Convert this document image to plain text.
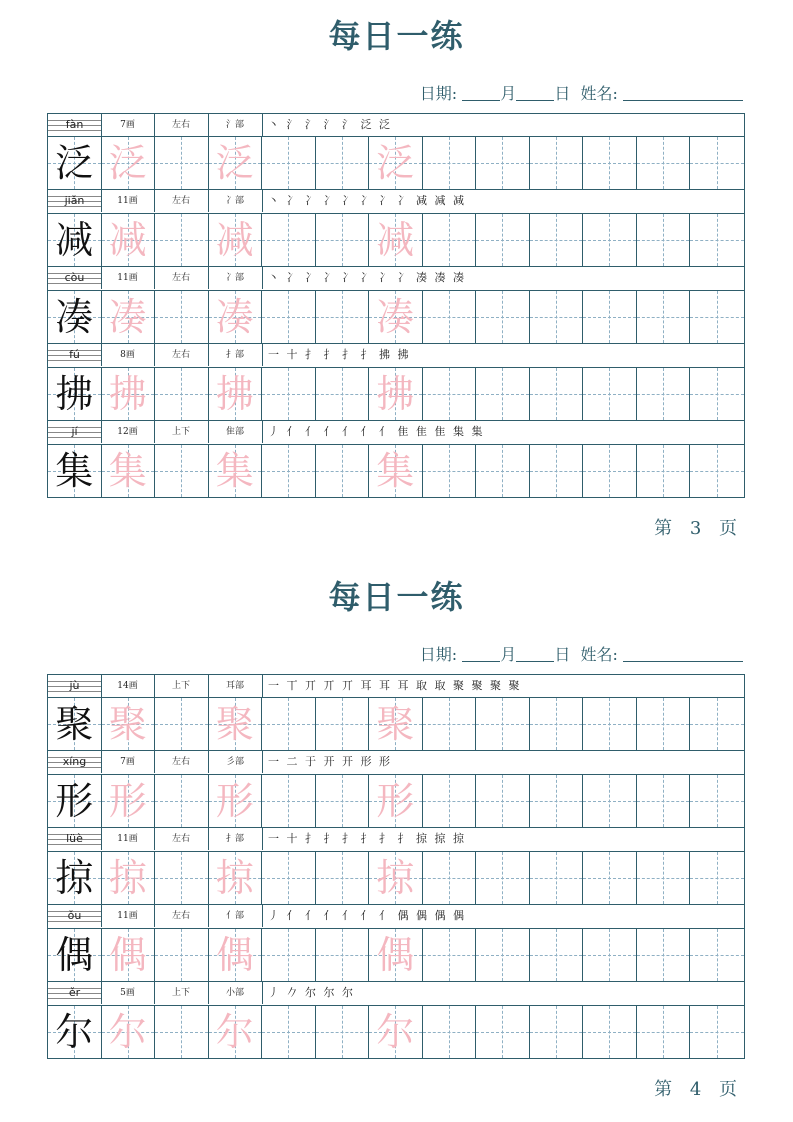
每日一练
日期:	月 日 姓名:
fàn	7画	左右	氵部	丶 氵 氵 氵 氵 泛 泛
泛 泛 泛	泛
jiǎn	11画	左右	冫部	丶 冫 冫 冫 冫 冫 冫 冫 减 减 减
减 减 减	减
còu	11画	左右	冫部	丶 冫 冫 冫 冫 冫 冫 冫 凑 凑 凑
凑 凑 凑	凑
fú	8画	左右	扌部	一 十 扌 扌 扌 扌 拂 拂
拂 拂 拂	拂
jí	12画	上下	隹部	丿 亻 亻 亻 亻 亻 亻 隹 隹 隹 集 集
集 集 集	集
第 3 页
每日一练
日期:	月 日 姓名:
jù	14画	上下	耳部	一 丅 丌 丌 丌 耳 耳 耳 取 取 聚 聚 聚 聚
聚 聚 聚	聚
xíng	7画	左右	彡部	一 二 于 开 开 形 形
形 形 形	形
lüè	11画	左右	扌部	一 十 扌 扌 扌 扌 扌 扌 掠 掠 掠
掠 掠 掠	掠
ǒu	11画	左右	亻部	丿 亻 亻 亻 亻 亻 亻 偶 偶 偶 偶
偶 偶 偶	偶
ěr	5画	上下	小部	丿 𠂊 尔 尔 尔
尔 尔 尔	尔
第 4 页
